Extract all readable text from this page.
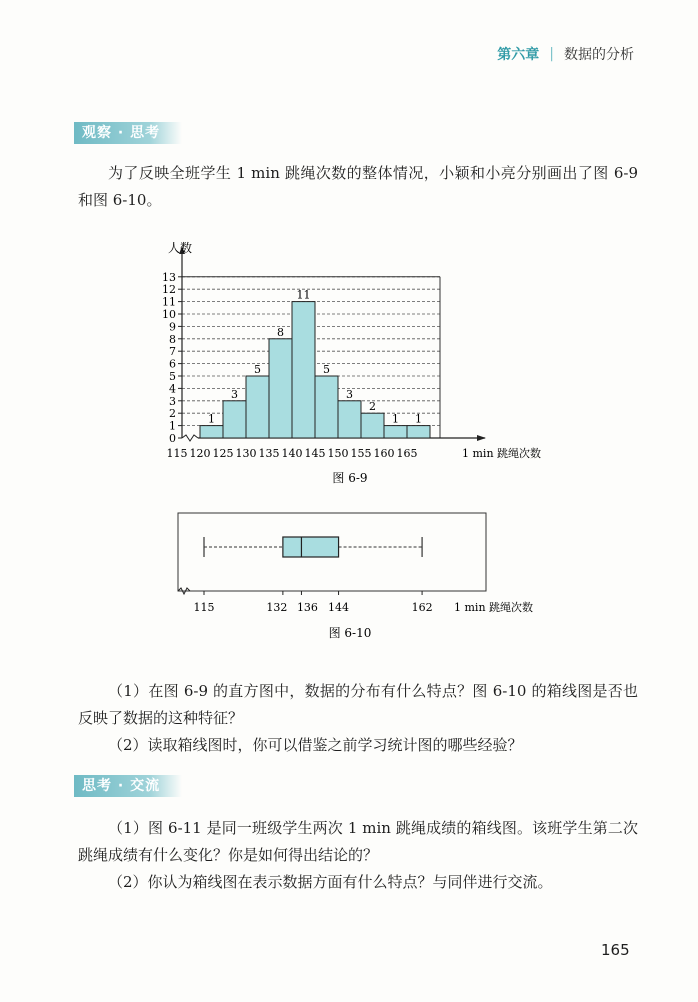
第六章 | 数据的分析
观察 · 思考
为了反映全班学生 1 min 跳绳次数的整体情况，小颖和小亮分别画出了图 6-9 和图 6-10。
0
1
2
3
4
5
6
7
8
9
10
11
12
13
人数
1 min 跳绳次数
1
3
5
8
11
5
3
2
1 1
115 120 125 130 135 140 145 150 155 160 165
图 6-9
115	132 136 144	162 1 min 跳绳次数
图 6-10
（1）在图 6-9 的直方图中，数据的分布有什么特点？图 6-10 的箱线图是否也反映了数据的这种特征？
（2）读取箱线图时，你可以借鉴之前学习统计图的哪些经验？
思考 · 交流
（1）图 6-11 是同一班级学生两次 1 min 跳绳成绩的箱线图。该班学生第二次跳绳成绩有什么变化？你是如何得出结论的？
（2）你认为箱线图在表示数据方面有什么特点？与同伴进行交流。
165
